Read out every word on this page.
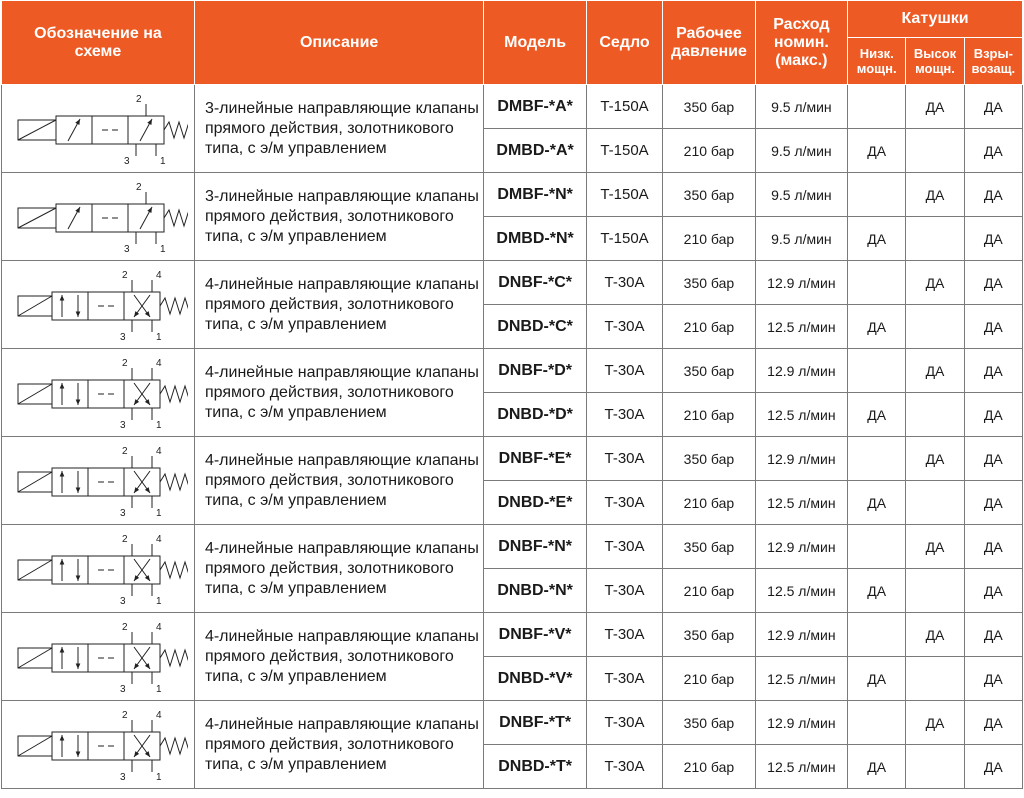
Обозначение на схеме	Описание	Модель	Седло	Рабочее давление	Расход номин. (макс.)	Катушки		
						Низк. мощн.	Высок мощн.	Взры- возащ.

2
3 1	3-линейные направляющие клапаны прямого действия, золотникового типа, с э/м управлением	DMBF-*A*	T-150A	350 бар	9.5 л/мин		ДА	ДА
		DMBD-*A*	T-150A	210 бар	9.5 л/мин	ДА		ДА

2
3 1	3-линейные направляющие клапаны прямого действия, золотникового типа, с э/м управлением	DMBF-*N*	T-150A	350 бар	9.5 л/мин		ДА	ДА
		DMBD-*N*	T-150A	210 бар	9.5 л/мин	ДА		ДА

2 4
3 1	4-линейные направляющие клапаны прямого действия, золотникового типа, с э/м управлением	DNBF-*C*	T-30A	350 бар	12.9 л/мин		ДА	ДА
		DNBD-*C*	T-30A	210 бар	12.5 л/мин	ДА		ДА

2 4
3 1	4-линейные направляющие клапаны прямого действия, золотникового типа, с э/м управлением	DNBF-*D*	T-30A	350 бар	12.9 л/мин		ДА	ДА
		DNBD-*D*	T-30A	210 бар	12.5 л/мин	ДА		ДА

2 4
3 1	4-линейные направляющие клапаны прямого действия, золотникового типа, с э/м управлением	DNBF-*E*	T-30A	350 бар	12.9 л/мин		ДА	ДА
		DNBD-*E*	T-30A	210 бар	12.5 л/мин	ДА		ДА

2 4
3 1	4-линейные направляющие клапаны прямого действия, золотникового типа, с э/м управлением	DNBF-*N*	T-30A	350 бар	12.9 л/мин		ДА	ДА
		DNBD-*N*	T-30A	210 бар	12.5 л/мин	ДА		ДА

2 4
3 1	4-линейные направляющие клапаны прямого действия, золотникового типа, с э/м управлением	DNBF-*V*	T-30A	350 бар	12.9 л/мин		ДА	ДА
		DNBD-*V*	T-30A	210 бар	12.5 л/мин	ДА		ДА

2 4
3 1	4-линейные направляющие клапаны прямого действия, золотникового типа, с э/м управлением	DNBF-*T*	T-30A	350 бар	12.9 л/мин		ДА	ДА
		DNBD-*T*	T-30A	210 бар	12.5 л/мин	ДА		ДА
